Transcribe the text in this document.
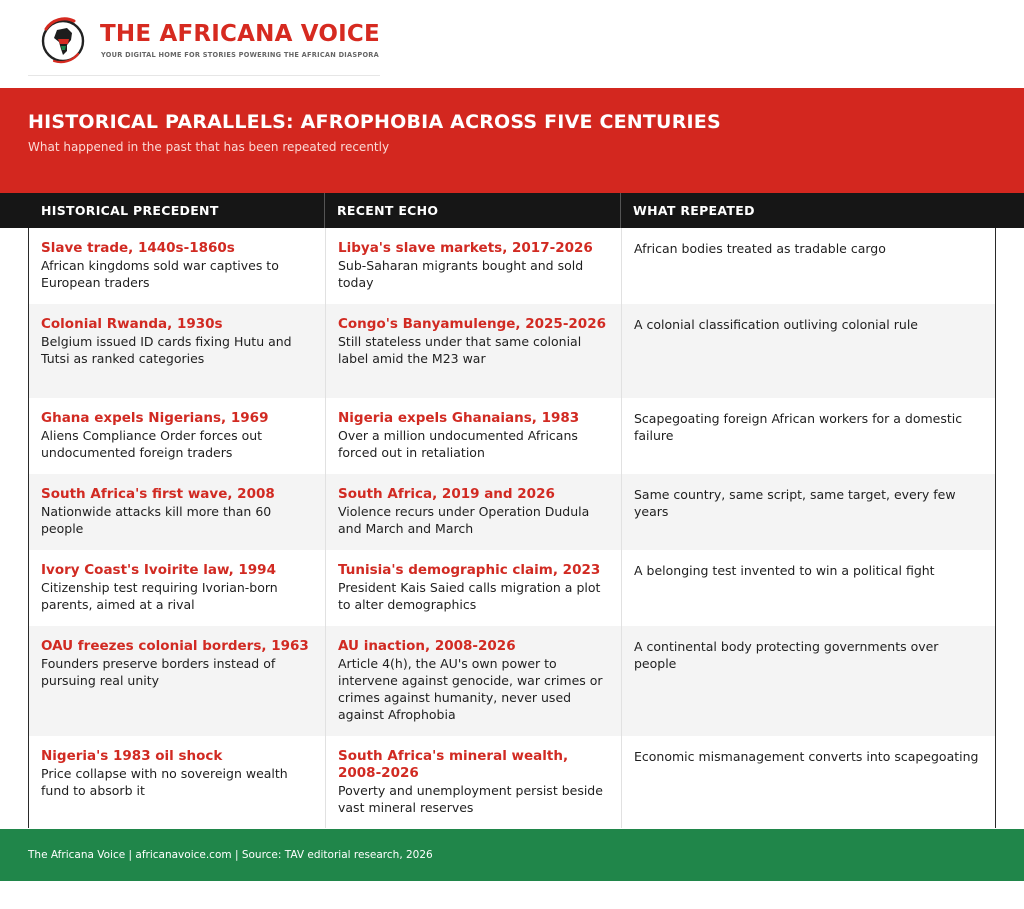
THE AFRICANA VOICE
YOUR DIGITAL HOME FOR STORIES POWERING THE AFRICAN DIASPORA
HISTORICAL PARALLELS: AFROPHOBIA ACROSS FIVE CENTURIES
What happened in the past that has been repeated recently
HISTORICAL PRECEDENT	RECENT ECHO	WHAT REPEATED
Slave trade, 1440s-1860s
African kingdoms sold war captives to European traders
Libya's slave markets, 2017-2026
Sub-Saharan migrants bought and sold today
African bodies treated as tradable cargo
Colonial Rwanda, 1930s
Belgium issued ID cards fixing Hutu and Tutsi as ranked categories
Congo's Banyamulenge, 2025-2026
Still stateless under that same colonial label amid the M23 war
A colonial classification outliving colonial rule
Ghana expels Nigerians, 1969
Aliens Compliance Order forces out undocumented foreign traders
Nigeria expels Ghanaians, 1983
Over a million undocumented Africans forced out in retaliation
Scapegoating foreign African workers for a domestic failure
South Africa's first wave, 2008
Nationwide attacks kill more than 60 people
South Africa, 2019 and 2026
Violence recurs under Operation Dudula and March and March
Same country, same script, same target, every few years
Ivory Coast's Ivoirite law, 1994
Citizenship test requiring Ivorian-born parents, aimed at a rival
Tunisia's demographic claim, 2023
President Kais Saied calls migration a plot to alter demographics
A belonging test invented to win a political fight
OAU freezes colonial borders, 1963
Founders preserve borders instead of pursuing real unity
AU inaction, 2008-2026
Article 4(h), the AU's own power to intervene against genocide, war crimes or crimes against humanity, never used against Afrophobia
A continental body protecting governments over people
Nigeria's 1983 oil shock
Price collapse with no sovereign wealth fund to absorb it
South Africa's mineral wealth, 2008-2026
Poverty and unemployment persist beside vast mineral reserves
Economic mismanagement converts into scapegoating
The Africana Voice | africanavoice.com | Source: TAV editorial research, 2026
